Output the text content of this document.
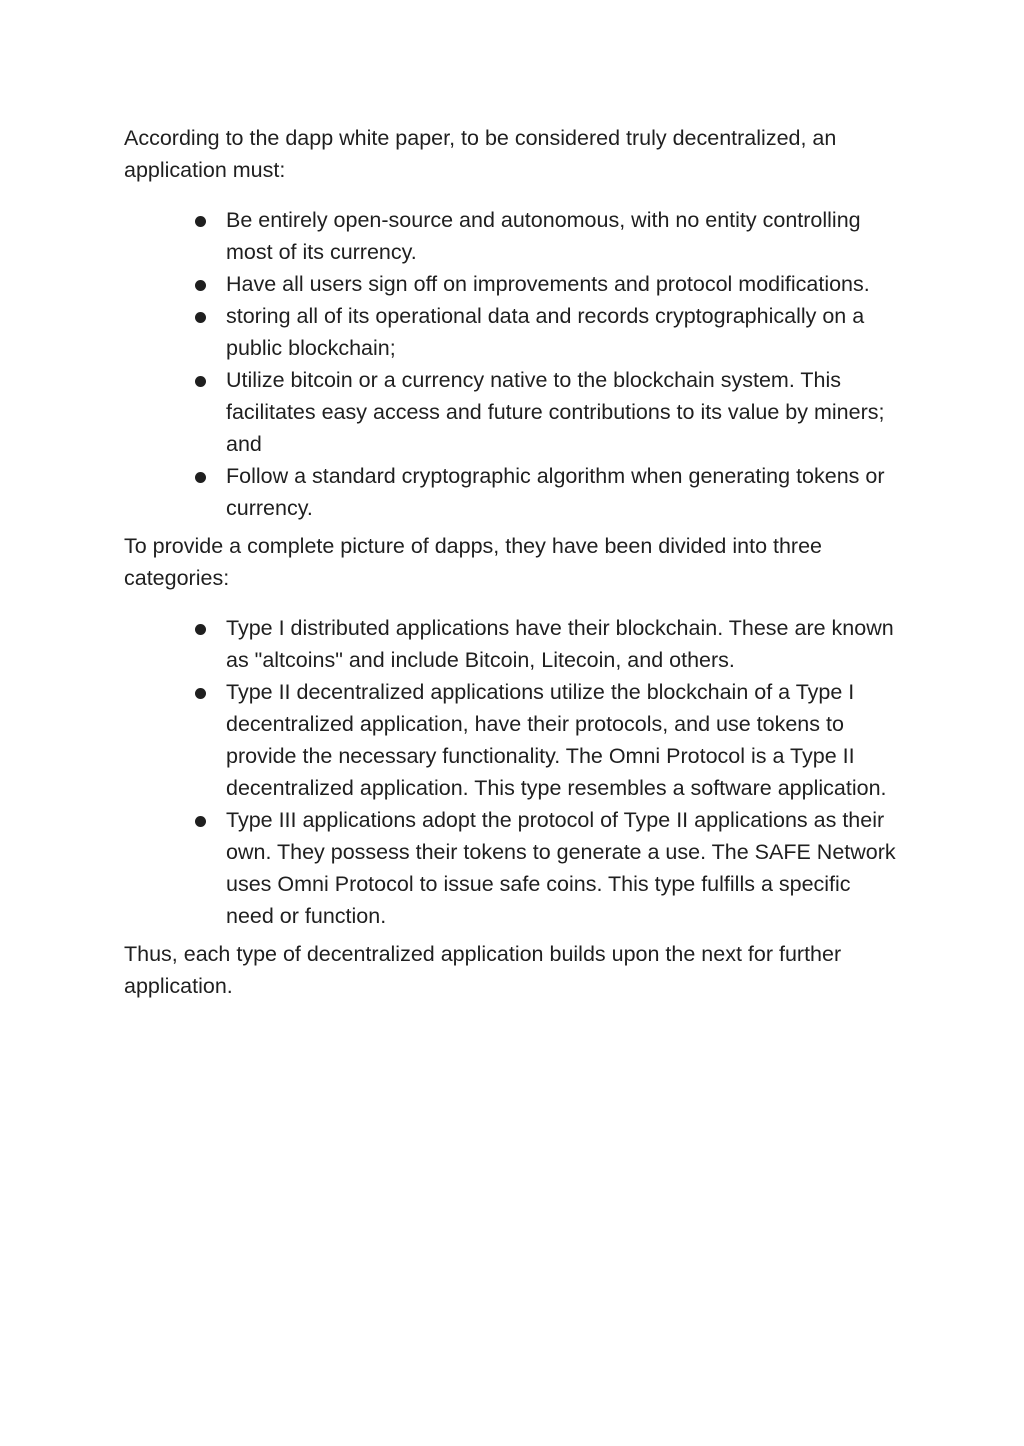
According to the dapp white paper, to be considered truly decentralized, an application must:

Be entirely open-source and autonomous, with no entity controlling most of its currency.
Have all users sign off on improvements and protocol modifications.
storing all of its operational data and records cryptographically on a public blockchain;
Utilize bitcoin or a currency native to the blockchain system. This facilitates easy access and future contributions to its value by miners; and
Follow a standard cryptographic algorithm when generating tokens or currency.

To provide a complete picture of dapps, they have been divided into three categories:

Type I distributed applications have their blockchain. These are known as "altcoins" and include Bitcoin, Litecoin, and others.
Type II decentralized applications utilize the blockchain of a Type I decentralized application, have their protocols, and use tokens to provide the necessary functionality. The Omni Protocol is a Type II decentralized application. This type resembles a software application.
Type III applications adopt the protocol of Type II applications as their own. They possess their tokens to generate a use. The SAFE Network uses Omni Protocol to issue safe coins. This type fulfills a specific need or function.

Thus, each type of decentralized application builds upon the next for further application.
